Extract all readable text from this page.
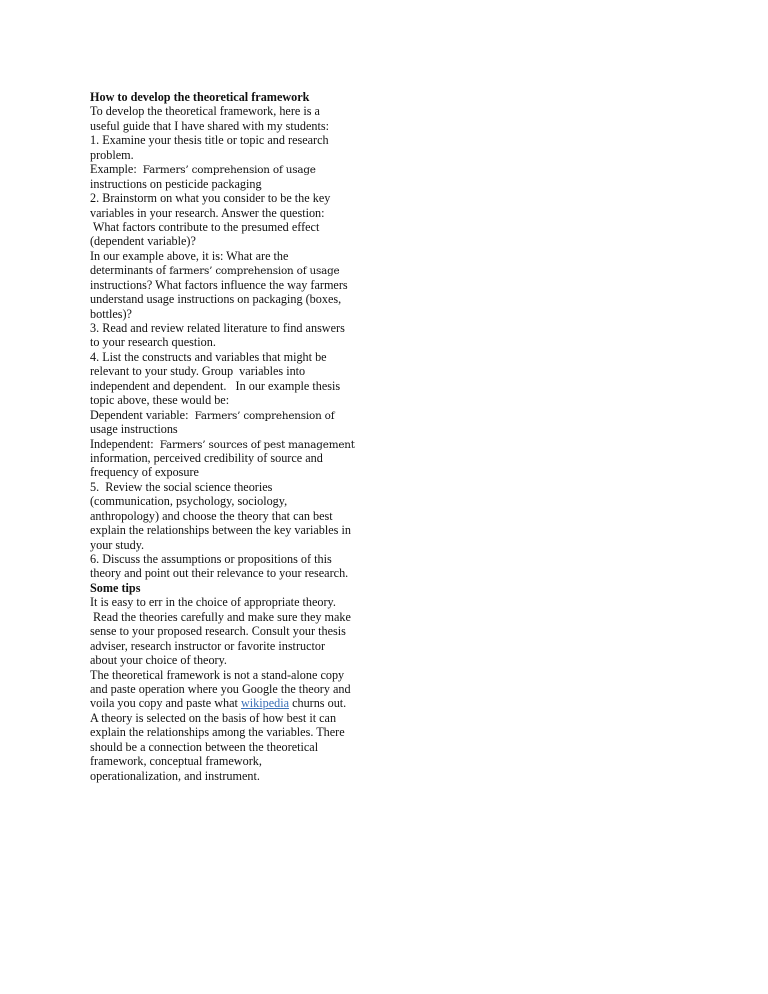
How to develop the theoretical framework
To develop the theoretical framework, here is a
useful guide that I have shared with my students:
1. Examine your thesis title or topic and research
problem.
Example:  Farmers’ comprehension of usage
instructions on pesticide packaging
2. Brainstorm on what you consider to be the key
variables in your research. Answer the question:
What factors contribute to the presumed effect
(dependent variable)?
In our example above, it is: What are the
determinants of farmers’ comprehension of usage
instructions? What factors influence the way farmers
understand usage instructions on packaging (boxes,
bottles)?
3. Read and review related literature to find answers
to your research question.
4. List the constructs and variables that might be
relevant to your study. Group  variables into
independent and dependent.   In our example thesis
topic above, these would be:
Dependent variable:  Farmers’ comprehension of
usage instructions
Independent:  Farmers’ sources of pest management
information, perceived credibility of source and
frequency of exposure
5.  Review the social science theories
(communication, psychology, sociology,
anthropology) and choose the theory that can best
explain the relationships between the key variables in
your study.
6. Discuss the assumptions or propositions of this
theory and point out their relevance to your research.
Some tips
It is easy to err in the choice of appropriate theory.
Read the theories carefully and make sure they make
sense to your proposed research. Consult your thesis
adviser, research instructor or favorite instructor
about your choice of theory.
The theoretical framework is not a stand-alone copy
and paste operation where you Google the theory and
voila you copy and paste what wikipedia churns out.
A theory is selected on the basis of how best it can
explain the relationships among the variables. There
should be a connection between the theoretical
framework, conceptual framework,
operationalization, and instrument.
